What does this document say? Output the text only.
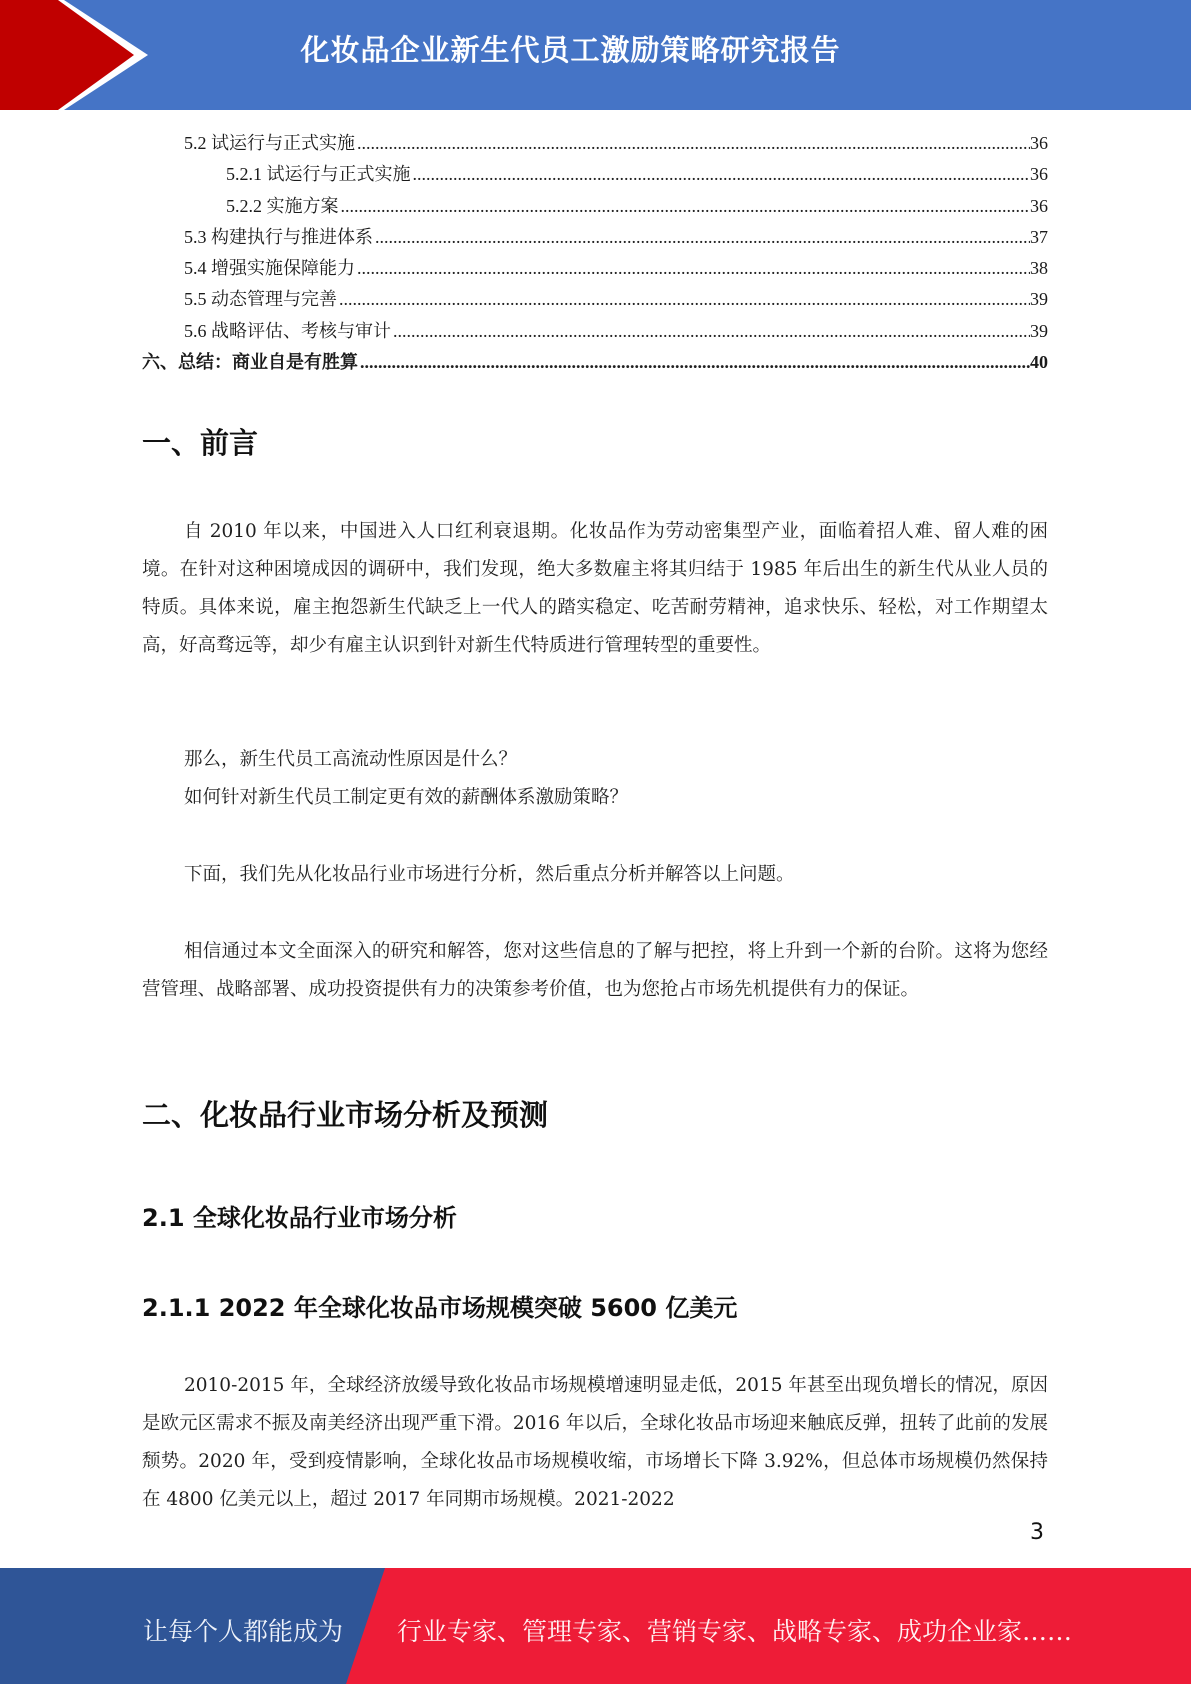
化妆品企业新生代员工激励策略研究报告
5.2 试运行与正式实施 .....	36
5.2.1 试运行与正式实施 .....	36
5.2.2 实施方案 .....	36
5.3 构建执行与推进体系 .....	37
5.4 增强实施保障能力 .....	38
5.5 动态管理与完善 .....	39
5.6 战略评估、考核与审计 .....	39
六、总结：商业自是有胜算 .....	40
一、前言
自 2010 年以来，中国进入人口红利衰退期。化妆品作为劳动密集型产业，面临着招人难、留人难的困境。在针对这种困境成因的调研中，我们发现，绝大多数雇主将其归结于 1985 年后出生的新生代从业人员的特质。具体来说，雇主抱怨新生代缺乏上一代人的踏实稳定、吃苦耐劳精神，追求快乐、轻松，对工作期望太高，好高骛远等，却少有雇主认识到针对新生代特质进行管理转型的重要性。
那么，新生代员工高流动性原因是什么？
如何针对新生代员工制定更有效的薪酬体系激励策略？
下面，我们先从化妆品行业市场进行分析，然后重点分析并解答以上问题。
相信通过本文全面深入的研究和解答，您对这些信息的了解与把控，将上升到一个新的台阶。这将为您经营管理、战略部署、成功投资提供有力的决策参考价值，也为您抢占市场先机提供有力的保证。
二、化妆品行业市场分析及预测
2.1 全球化妆品行业市场分析
2.1.1 2022 年全球化妆品市场规模突破 5600 亿美元
2010-2015 年，全球经济放缓导致化妆品市场规模增速明显走低，2015 年甚至出现负增长的情况，原因是欧元区需求不振及南美经济出现严重下滑。2016 年以后，全球化妆品市场迎来触底反弹，扭转了此前的发展颓势。2020 年，受到疫情影响，全球化妆品市场规模收缩，市场增长下降 3.92%，但总体市场规模仍然保持在 4800 亿美元以上，超过 2017 年同期市场规模。2021-2022
3
让每个人都能成为 行业专家、管理专家、营销专家、战略专家、成功企业家……
